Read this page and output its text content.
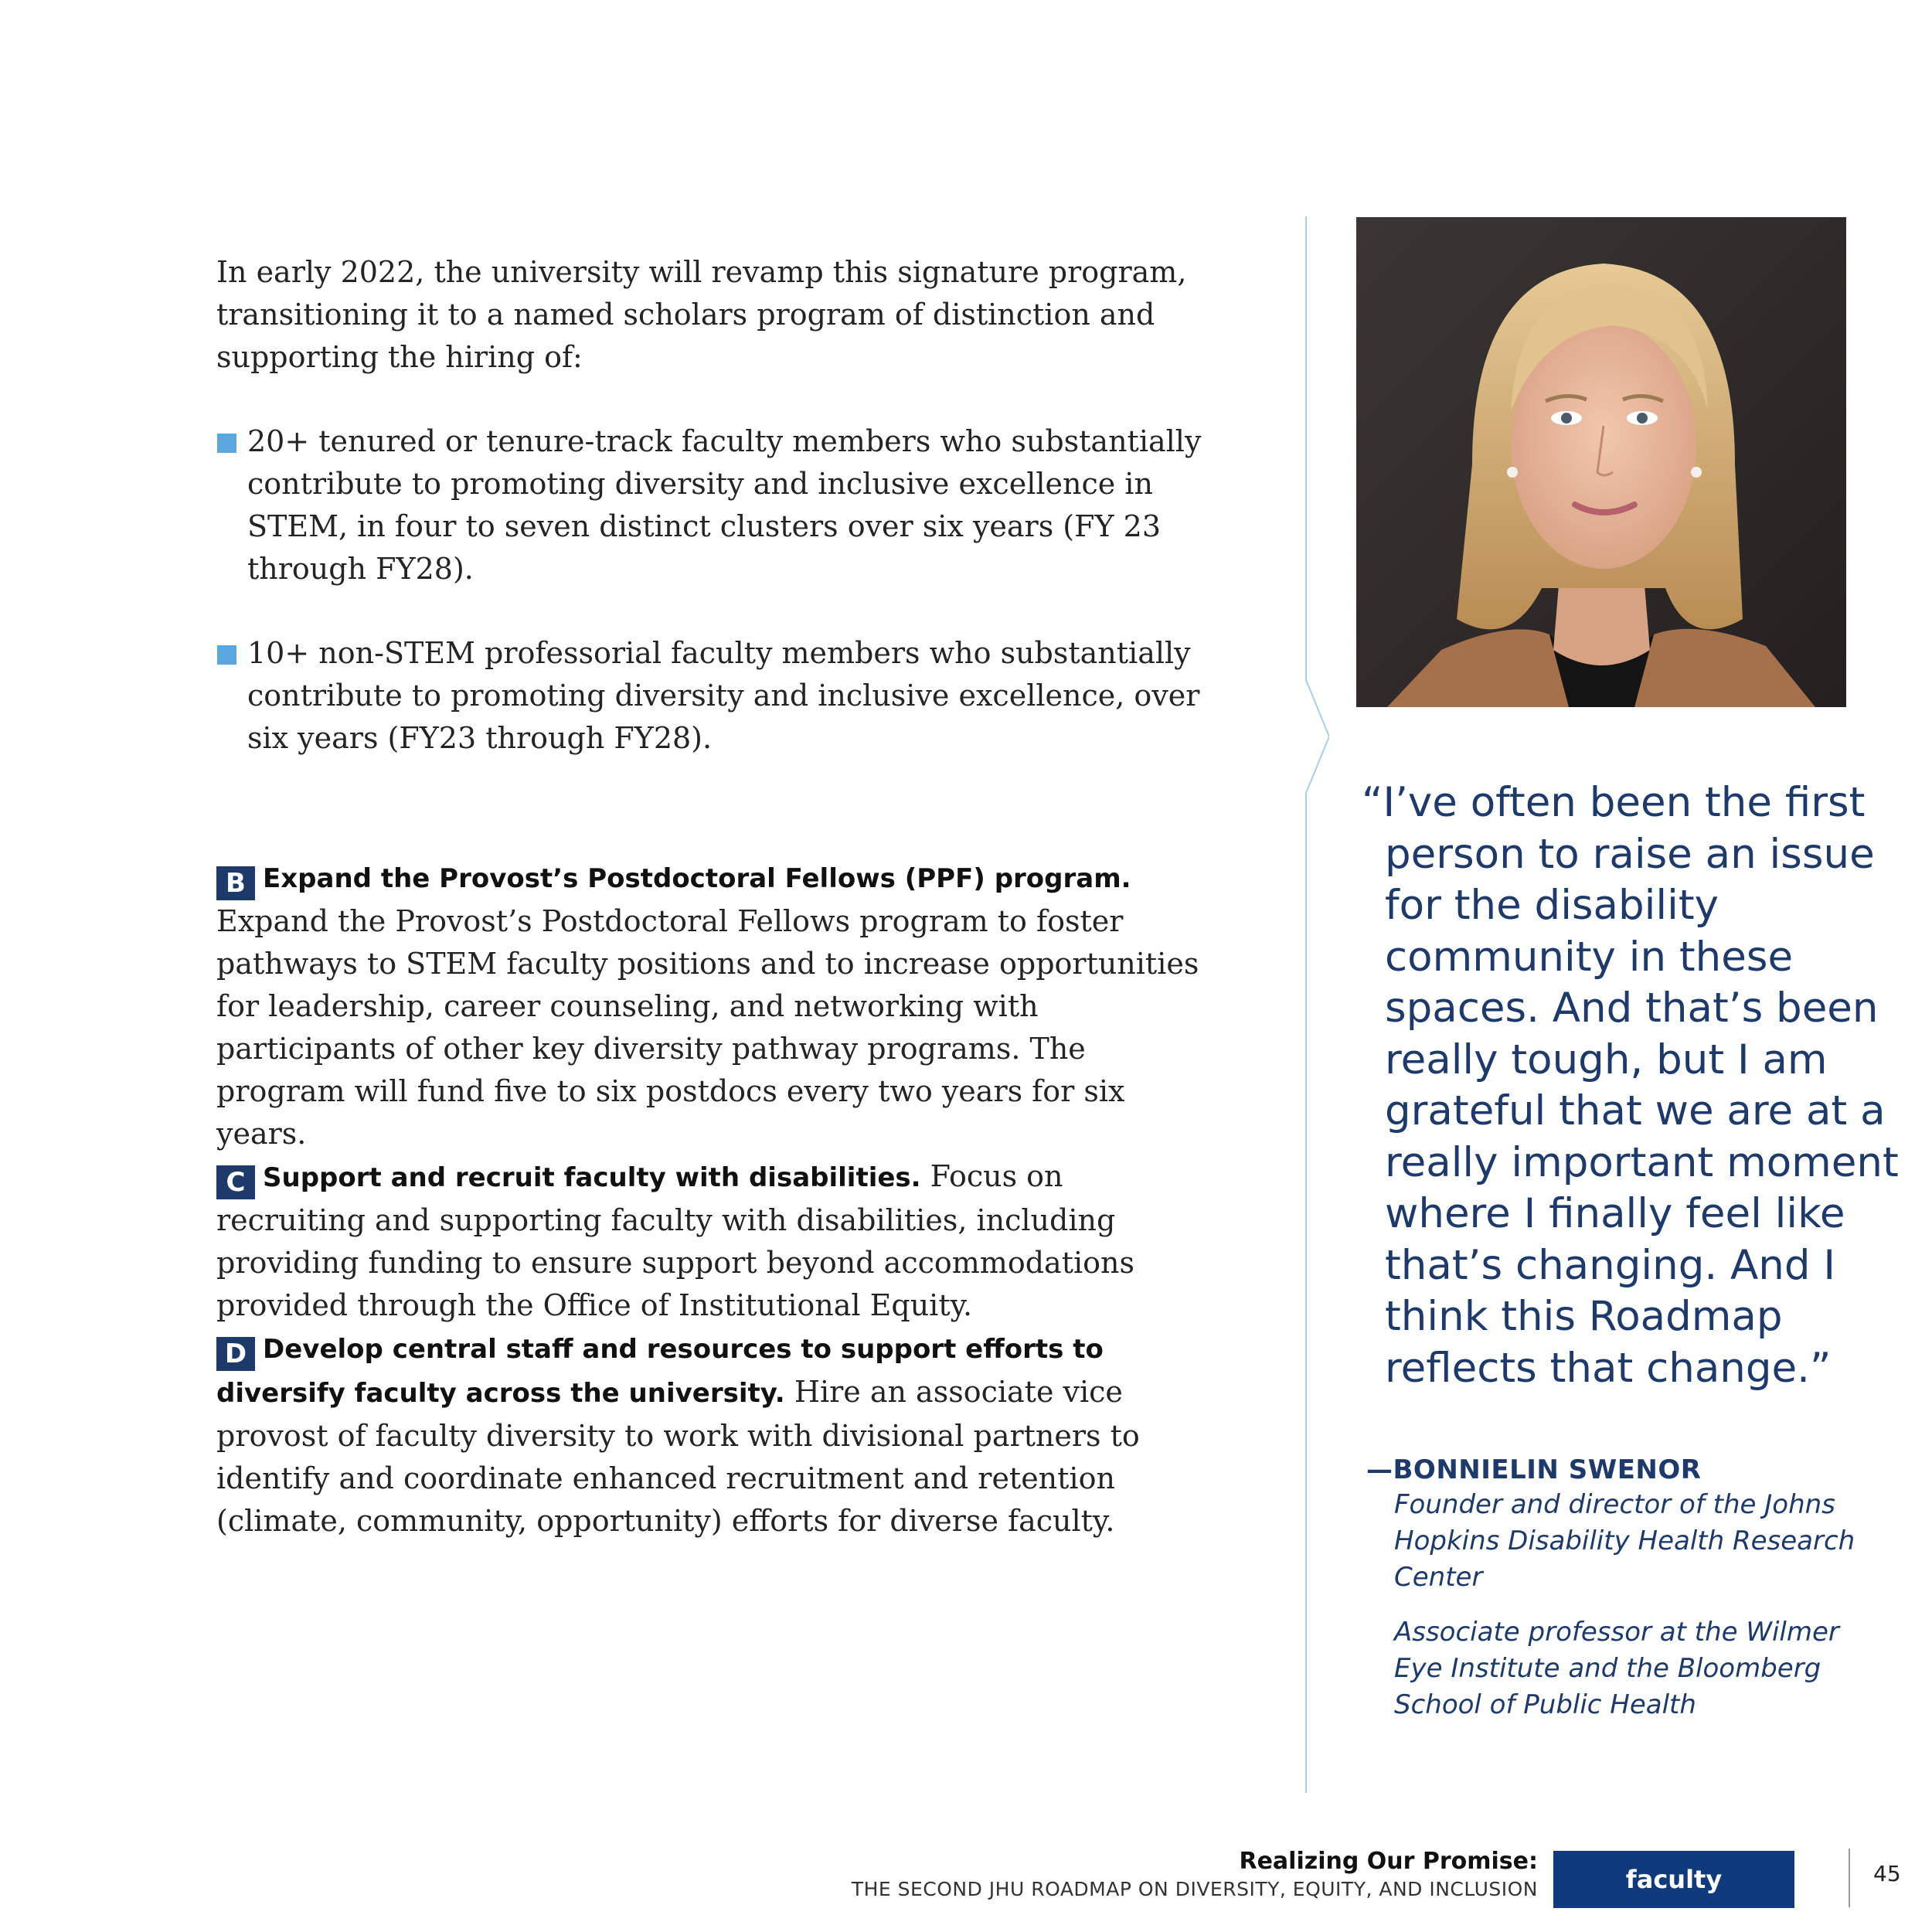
In early 2022, the university will revamp this signature program, transitioning it to a named scholars program of distinction and supporting the hiring of:

20+ tenured or tenure-track faculty members who substantially contribute to promoting diversity and inclusive excellence in STEM, in four to seven distinct clusters over six years (FY 23 through FY28).

10+ non-STEM professorial faculty members who substantially contribute to promoting diversity and inclusive excellence, over six years (FY23 through FY28).

B Expand the Provost’s Postdoctoral Fellows (PPF) program. Expand the Provost’s Postdoctoral Fellows program to foster pathways to STEM faculty positions and to increase opportunities for leadership, career counseling, and networking with participants of other key diversity pathway programs. The program will fund five to six postdocs every two years for six years.

C Support and recruit faculty with disabilities. Focus on recruiting and supporting faculty with disabilities, including providing funding to ensure support beyond accommodations provided through the Office of Institutional Equity.

D Develop central staff and resources to support efforts to diversify faculty across the university. Hire an associate vice provost of faculty diversity to work with divisional partners to identify and coordinate enhanced recruitment and retention (climate, community, opportunity) efforts for diverse faculty.

“I’ve often been the first person to raise an issue for the disability community in these spaces. And that’s been really tough, but I am grateful that we are at a really important moment where I finally feel like that’s changing. And I think this Roadmap reflects that change.”

—BONNIELIN SWENOR

Founder and director of the Johns Hopkins Disability Health Research Center

Associate professor at the Wilmer Eye Institute and the Bloomberg School of Public Health

Realizing Our Promise:
THE SECOND JHU ROADMAP ON DIVERSITY, EQUITY, AND INCLUSION	faculty	45
